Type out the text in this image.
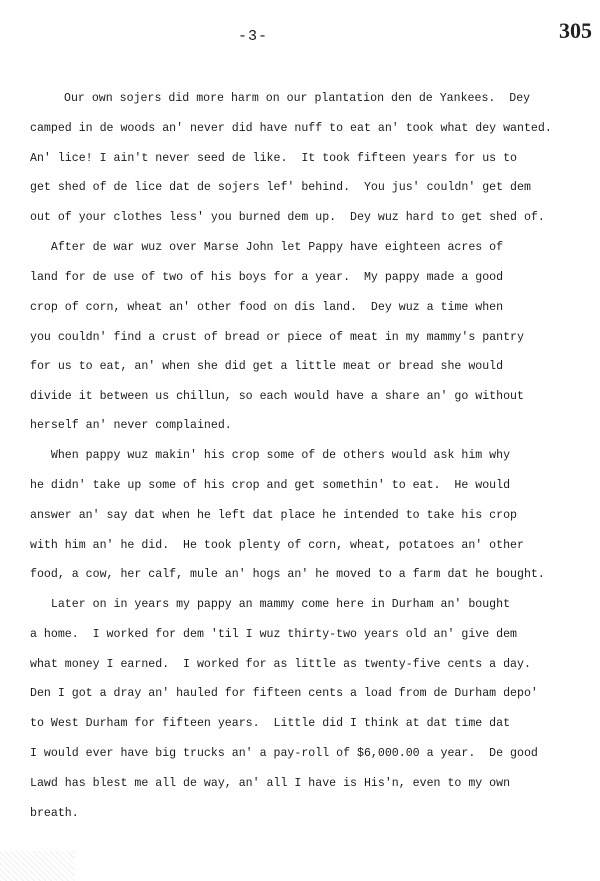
-3-	305
Our own sojers did more harm on our plantation den de Yankees.  Dey
camped in de woods an' never did have nuff to eat an' took what dey wanted.
An' lice! I ain't never seed de like.  It took fifteen years for us to
get shed of de lice dat de sojers lef' behind.  You jus' couldn' get dem
out of your clothes less' you burned dem up.  Dey wuz hard to get shed of.
After de war wuz over Marse John let Pappy have eighteen acres of
land for de use of two of his boys for a year.  My pappy made a good
crop of corn, wheat an' other food on dis land.  Dey wuz a time when
you couldn' find a crust of bread or piece of meat in my mammy's pantry
for us to eat, an' when she did get a little meat or bread she would
divide it between us chillun, so each would have a share an' go without
herself an' never complained.
When pappy wuz makin' his crop some of de others would ask him why
he didn' take up some of his crop and get somethin' to eat.  He would
answer an' say dat when he left dat place he intended to take his crop
with him an' he did.  He took plenty of corn, wheat, potatoes an' other
food, a cow, her calf, mule an' hogs an' he moved to a farm dat he bought.
Later on in years my pappy an mammy come here in Durham an' bought
a home.  I worked for dem 'til I wuz thirty-two years old an' give dem
what money I earned.  I worked for as little as twenty-five cents a day.
Den I got a dray an' hauled for fifteen cents a load from de Durham depo'
to West Durham for fifteen years.  Little did I think at dat time dat
I would ever have big trucks an' a pay-roll of $6,000.00 a year.  De good
Lawd has blest me all de way, an' all I have is His'n, even to my own
breath.
